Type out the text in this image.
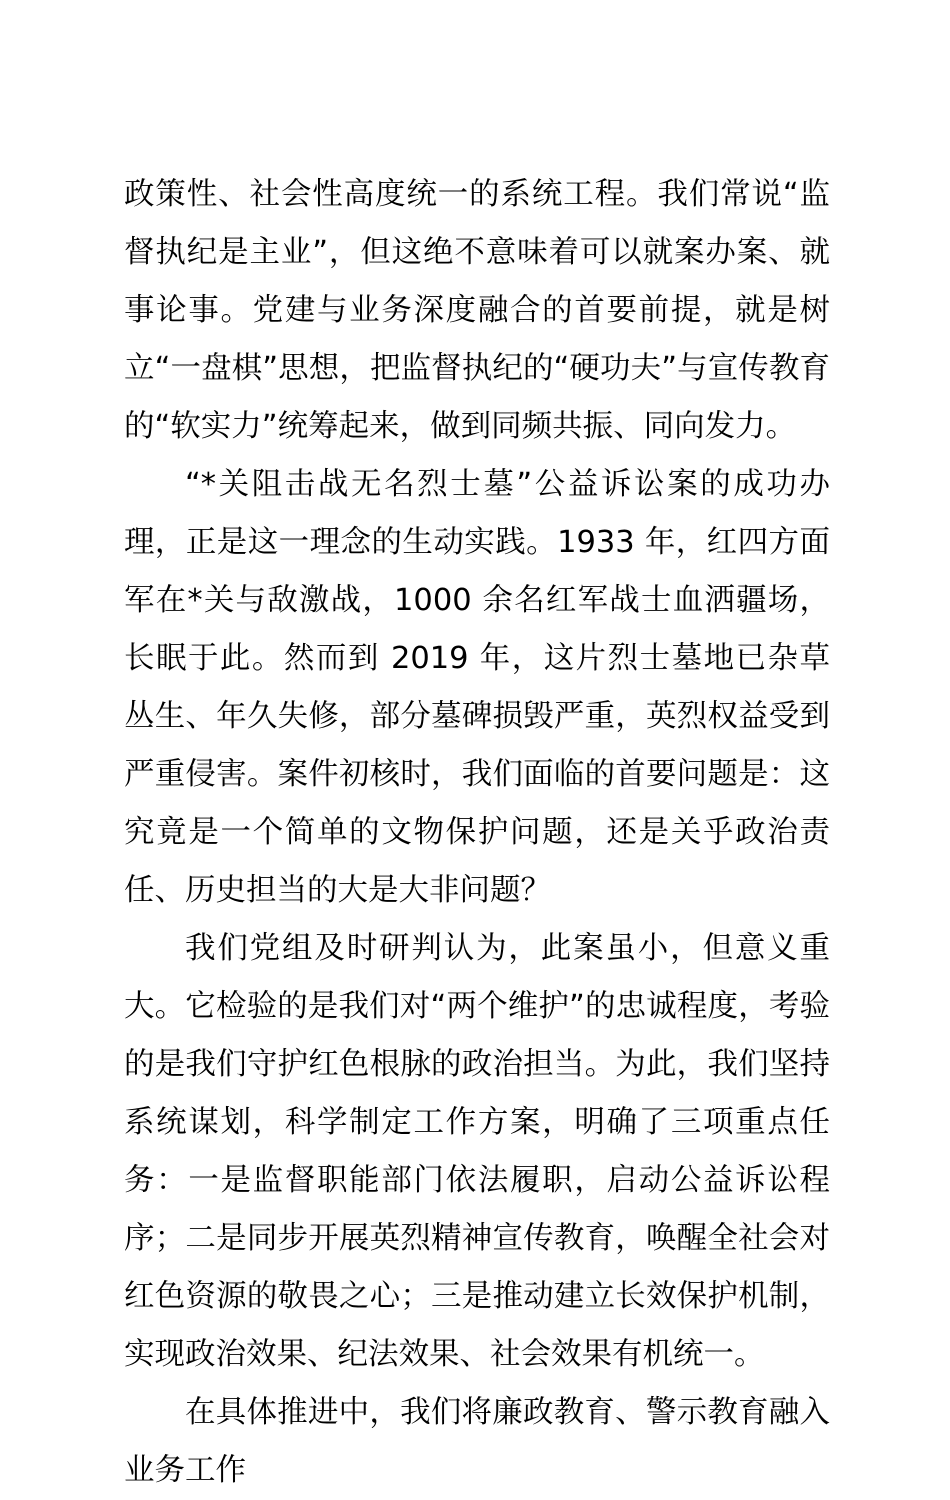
政策性、社会性高度统一的系统工程。我们常说“监督执纪是主业”，但这绝不意味着可以就案办案、就事论事。党建与业务深度融合的首要前提，就是树立“一盘棋”思想，把监督执纪的“硬功夫”与宣传教育的“软实力”统筹起来，做到同频共振、同向发力。

“*关阻击战无名烈士墓”公益诉讼案的成功办理，正是这一理念的生动实践。1933 年，红四方面军在*关与敌激战，1000 余名红军战士血洒疆场，长眠于此。然而到 2019 年，这片烈士墓地已杂草丛生、年久失修，部分墓碑损毁严重，英烈权益受到严重侵害。案件初核时，我们面临的首要问题是：这究竟是一个简单的文物保护问题，还是关乎政治责任、历史担当的大是大非问题？

我们党组及时研判认为，此案虽小，但意义重大。它检验的是我们对“两个维护”的忠诚程度，考验的是我们守护红色根脉的政治担当。为此，我们坚持系统谋划，科学制定工作方案，明确了三项重点任务：一是监督职能部门依法履职，启动公益诉讼程序；二是同步开展英烈精神宣传教育，唤醒全社会对红色资源的敬畏之心；三是推动建立长效保护机制，实现政治效果、纪法效果、社会效果有机统一。

在具体推进中，我们将廉政教育、警示教育融入业务工作
